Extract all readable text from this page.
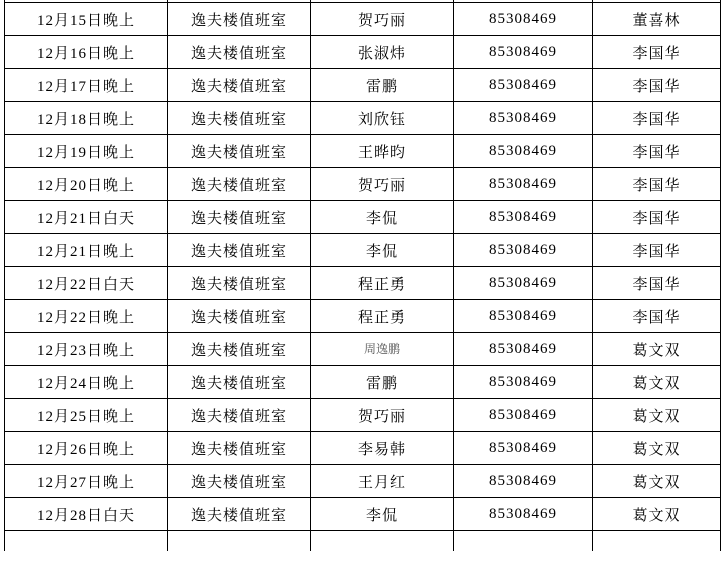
12月15日晚上	逸夫楼值班室	贺巧丽	85308469	董喜林
12月16日晚上	逸夫楼值班室	张淑炜	85308469	李国华
12月17日晚上	逸夫楼值班室	雷鹏	85308469	李国华
12月18日晚上	逸夫楼值班室	刘欣钰	85308469	李国华
12月19日晚上	逸夫楼值班室	王晔昀	85308469	李国华
12月20日晚上	逸夫楼值班室	贺巧丽	85308469	李国华
12月21日白天	逸夫楼值班室	李侃	85308469	李国华
12月21日晚上	逸夫楼值班室	李侃	85308469	李国华
12月22日白天	逸夫楼值班室	程正勇	85308469	李国华
12月22日晚上	逸夫楼值班室	程正勇	85308469	李国华
12月23日晚上	逸夫楼值班室	周逸鹏	85308469	葛文双
12月24日晚上	逸夫楼值班室	雷鹏	85308469	葛文双
12月25日晚上	逸夫楼值班室	贺巧丽	85308469	葛文双
12月26日晚上	逸夫楼值班室	李易韩	85308469	葛文双
12月27日晚上	逸夫楼值班室	王月红	85308469	葛文双
12月28日白天	逸夫楼值班室	李侃	85308469	葛文双
